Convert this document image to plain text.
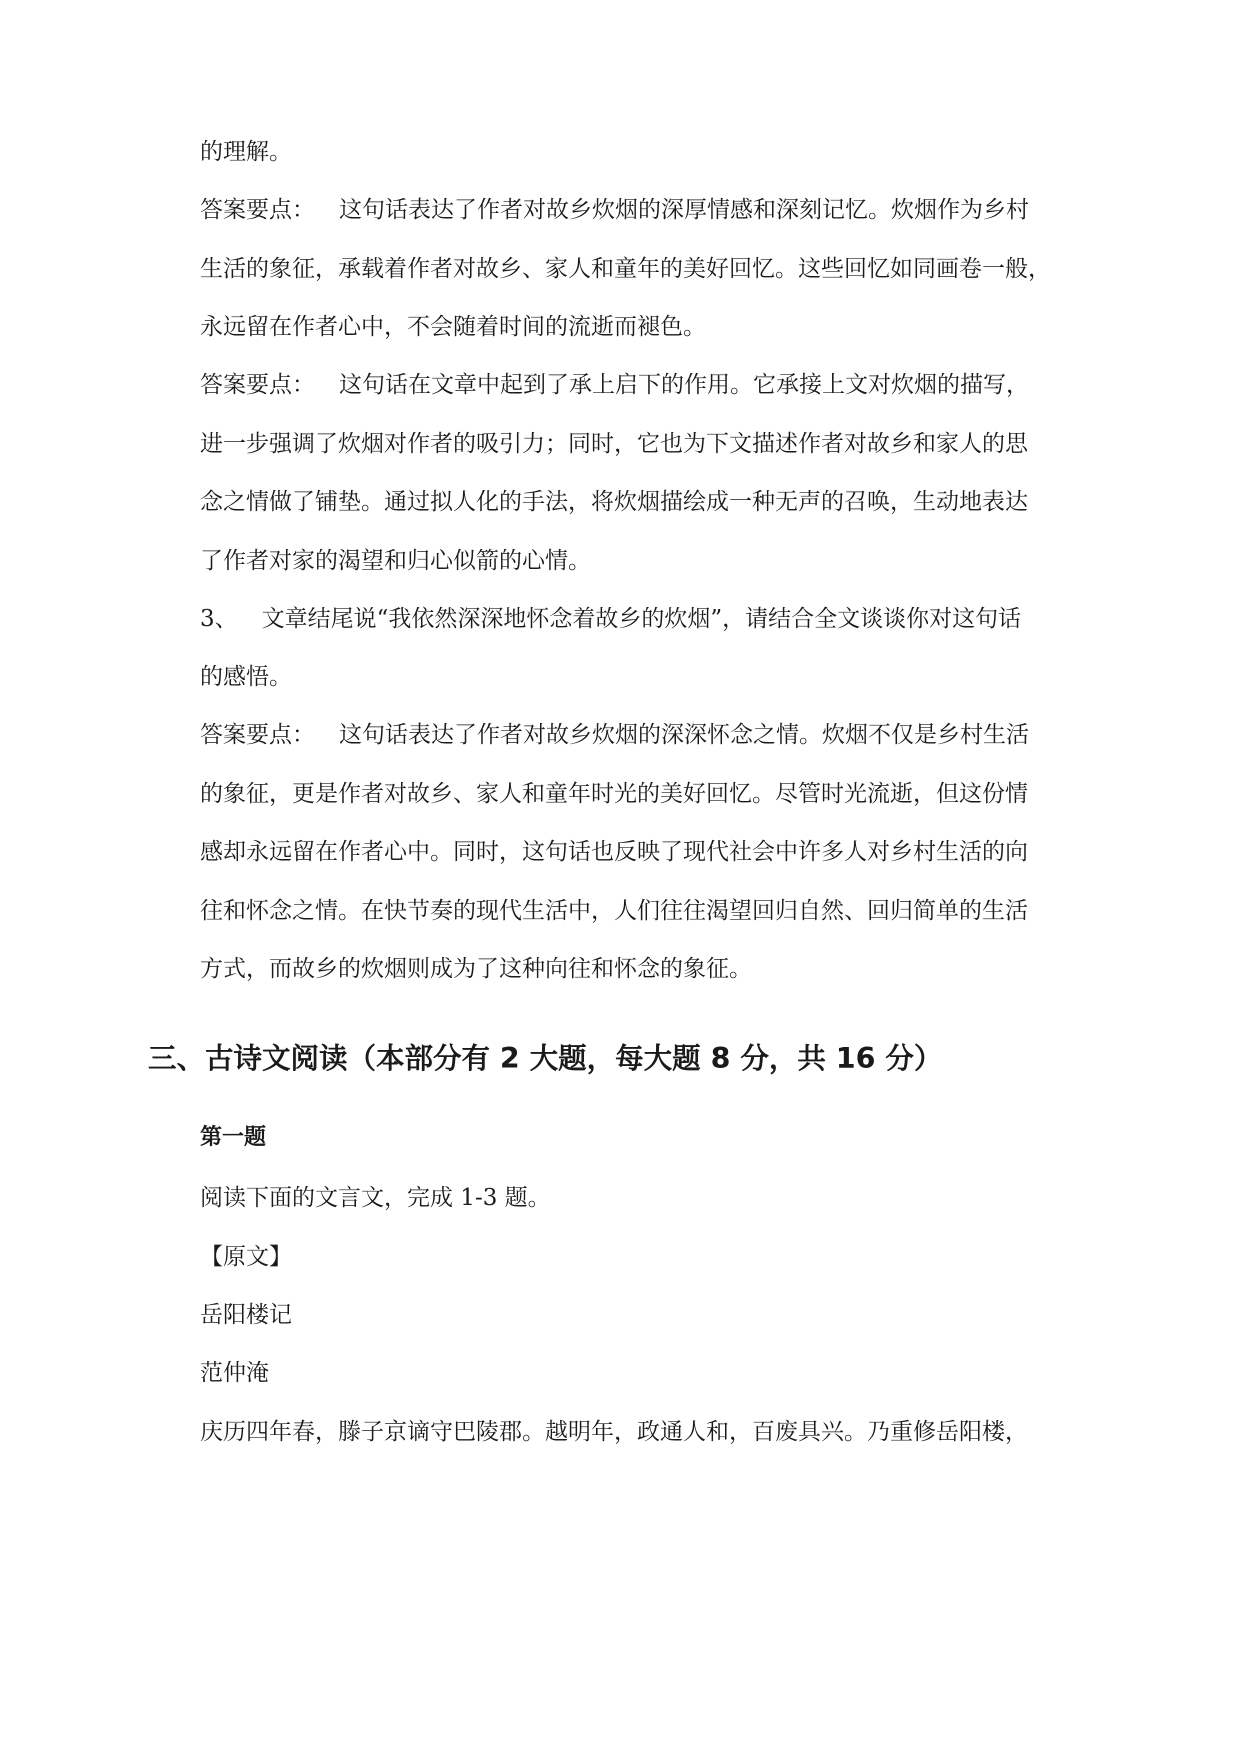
的理解。
答案要点： 这句话表达了作者对故乡炊烟的深厚情感和深刻记忆。炊烟作为乡村
生活的象征，承载着作者对故乡、家人和童年的美好回忆。这些回忆如同画卷一般，
永远留在作者心中，不会随着时间的流逝而褪色。
答案要点： 这句话在文章中起到了承上启下的作用。它承接上文对炊烟的描写，
进一步强调了炊烟对作者的吸引力；同时，它也为下文描述作者对故乡和家人的思
念之情做了铺垫。通过拟人化的手法，将炊烟描绘成一种无声的召唤，生动地表达
了作者对家的渴望和归心似箭的心情。
3、 文章结尾说“我依然深深地怀念着故乡的炊烟”，请结合全文谈谈你对这句话
的感悟。
答案要点： 这句话表达了作者对故乡炊烟的深深怀念之情。炊烟不仅是乡村生活
的象征，更是作者对故乡、家人和童年时光的美好回忆。尽管时光流逝，但这份情
感却永远留在作者心中。同时，这句话也反映了现代社会中许多人对乡村生活的向
往和怀念之情。在快节奏的现代生活中，人们往往渴望回归自然、回归简单的生活
方式，而故乡的炊烟则成为了这种向往和怀念的象征。
三、古诗文阅读（本部分有 2 大题，每大题 8 分，共 16 分）
第一题
阅读下面的文言文，完成 1-3 题。
【原文】
岳阳楼记
范仲淹
庆历四年春，滕子京谪守巴陵郡。越明年，政通人和，百废具兴。乃重修岳阳楼，
